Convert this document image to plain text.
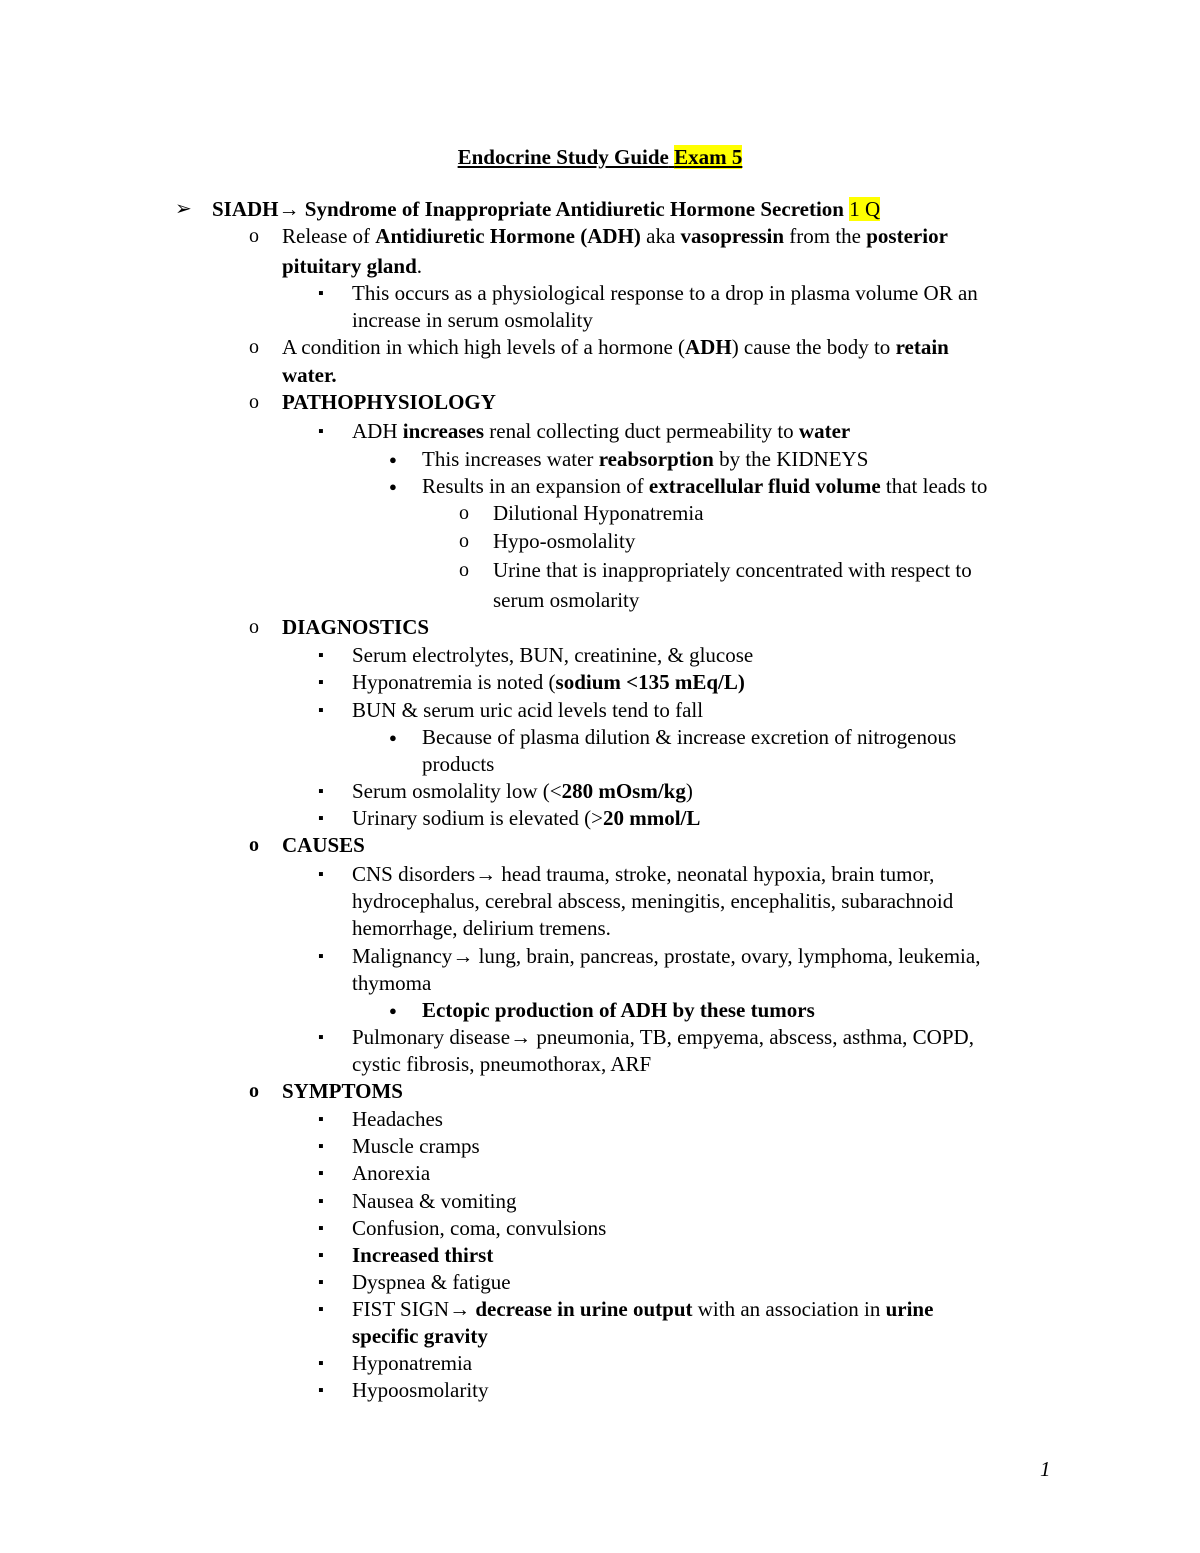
Endocrine Study Guide Exam 5
➢ SIADH→ Syndrome of Inappropriate Antidiuretic Hormone Secretion 1 Q
o Release of Antidiuretic Hormone (ADH) aka vasopressin from the posterior
pituitary gland.
▪ This occurs as a physiological response to a drop in plasma volume OR an
increase in serum osmolality
o A condition in which high levels of a hormone (ADH) cause the body to retain
water.
o PATHOPHYSIOLOGY
▪ ADH increases renal collecting duct permeability to water
● This increases water reabsorption by the KIDNEYS
● Results in an expansion of extracellular fluid volume that leads to
o Dilutional Hyponatremia
o Hypo-osmolality
o Urine that is inappropriately concentrated with respect to
serum osmolarity
o DIAGNOSTICS
▪ Serum electrolytes, BUN, creatinine, & glucose
▪ Hyponatremia is noted (sodium <135 mEq/L)
▪ BUN & serum uric acid levels tend to fall
● Because of plasma dilution & increase excretion of nitrogenous
products
▪ Serum osmolality low (<280 mOsm/kg)
▪ Urinary sodium is elevated (>20 mmol/L
o CAUSES
▪ CNS disorders→ head trauma, stroke, neonatal hypoxia, brain tumor,
hydrocephalus, cerebral abscess, meningitis, encephalitis, subarachnoid
hemorrhage, delirium tremens.
▪ Malignancy→ lung, brain, pancreas, prostate, ovary, lymphoma, leukemia,
thymoma
● Ectopic production of ADH by these tumors
▪ Pulmonary disease→ pneumonia, TB, empyema, abscess, asthma, COPD,
cystic fibrosis, pneumothorax, ARF
o SYMPTOMS
▪ Headaches
▪ Muscle cramps
▪ Anorexia
▪ Nausea & vomiting
▪ Confusion, coma, convulsions
▪ Increased thirst
▪ Dyspnea & fatigue
▪ FIST SIGN→ decrease in urine output with an association in urine
specific gravity
▪ Hyponatremia
▪ Hypoosmolarity
1
